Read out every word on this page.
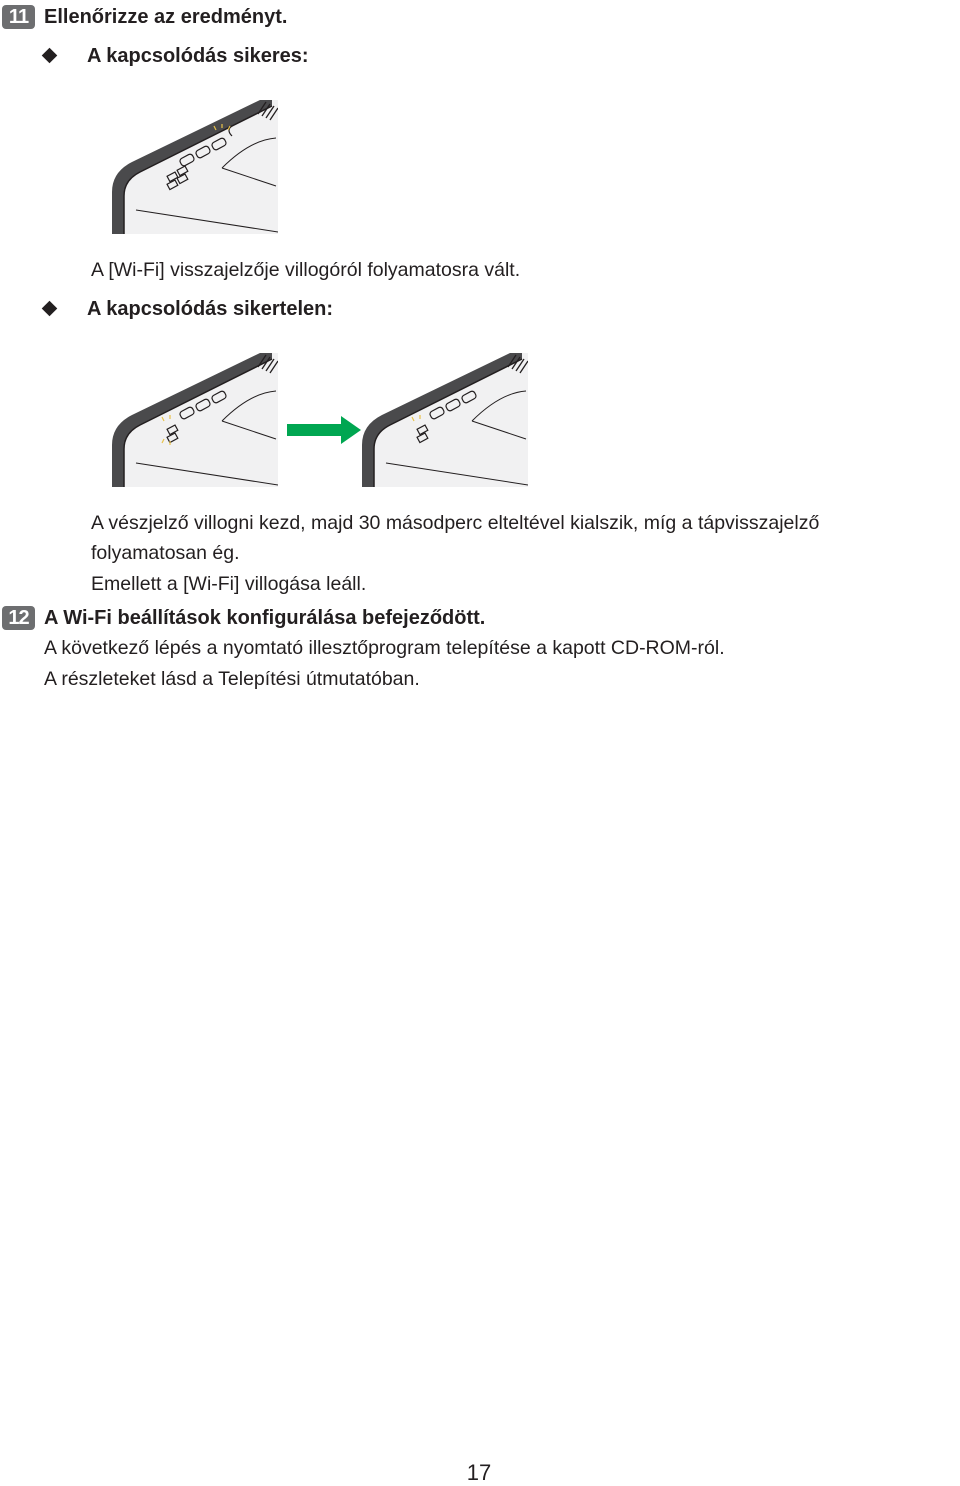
11 Ellenőrizze az eredményt.
A kapcsolódás sikeres:
A [Wi-Fi] visszajelzője villogóról folyamatosra vált.
A kapcsolódás sikertelen:
A vészjelző villogni kezd, majd 30 másodperc elteltével kialszik, míg a tápvisszajelző
folyamatosan ég.
Emellett a [Wi-Fi] villogása leáll.
12 A Wi-Fi beállítások konfigurálása befejeződött.
A következő lépés a nyomtató illesztőprogram telepítése a kapott CD-ROM-ról.
A részleteket lásd a Telepítési útmutatóban.
17
